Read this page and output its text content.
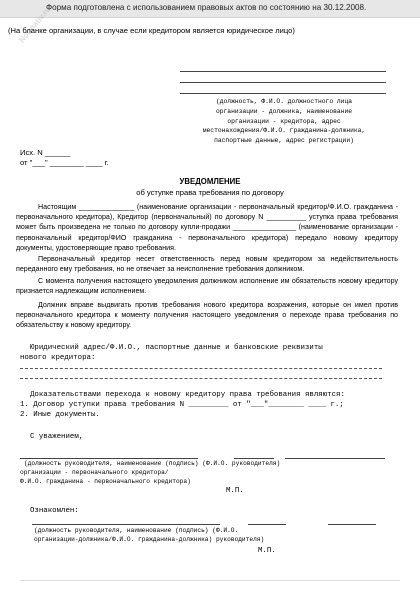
Форма подготовлена с использованием правовых актов по состоянию на 30.12.2008.
Normativ.ru
(На бланке организации, в случае если кредитором является юридическое лицо)
(должность, Ф.И.О. должностного лица
организации - должника, наименование
организации - кредитора, адрес
местонахождения/Ф.И.О. гражданина-должника,
паспортные данные, адрес регистрации)
Исх. N ______
от "___" ________ ____ г.
УВЕДОМЛЕНИЕ
об уступке права требования по договору
Настоящим ______________ (наименование организации - первоначальный кредитор/Ф.И.О. гражданина - первоначального кредитора), Кредитор (первоначальный) по договору N __________ уступка права требования может быть произведена не только по договору купли-продажи ________________ (наименование организации - первоначальный кредитор/ФИО гражданина - первоначального кредитора) передало новому кредитору документы, удостоверяющие право требования.
Первоначальный кредитор несет ответственность перед новым кредитором за недействительность переданного ему требования, но не отвечает за неисполнение требования должником.
С момента получения настоящего уведомления должником исполнение им обязательств новому кредитору признается надлежащим исполнением.
Должник вправе выдвигать против требования нового кредитора возражения, которые он имел против первоначального кредитора к моменту получения настоящего уведомления о переходе права требования по обязательству к новому кредитору.
Юридический адрес/Ф.И.О., паспортные данные и банковские реквизиты
нового кредитора:
Доказательствами перехода к новому кредитору права требования являются:
1. Договор уступки права требования N _________ от "___"________ ____ г.;
2. Иные документы.
С уважением,
(должность руководителя, наименование (подпись) (Ф.И.О. руководителя)
организации - первоначального кредитора/
Ф.И.О. гражданина - первоначального кредитора)
М.П.
Ознакомлен:
(должность руководителя, наименование (подпись) (Ф.И.О.
организации-должника/Ф.И.О. гражданина-должника) руководителя)
М.П.
